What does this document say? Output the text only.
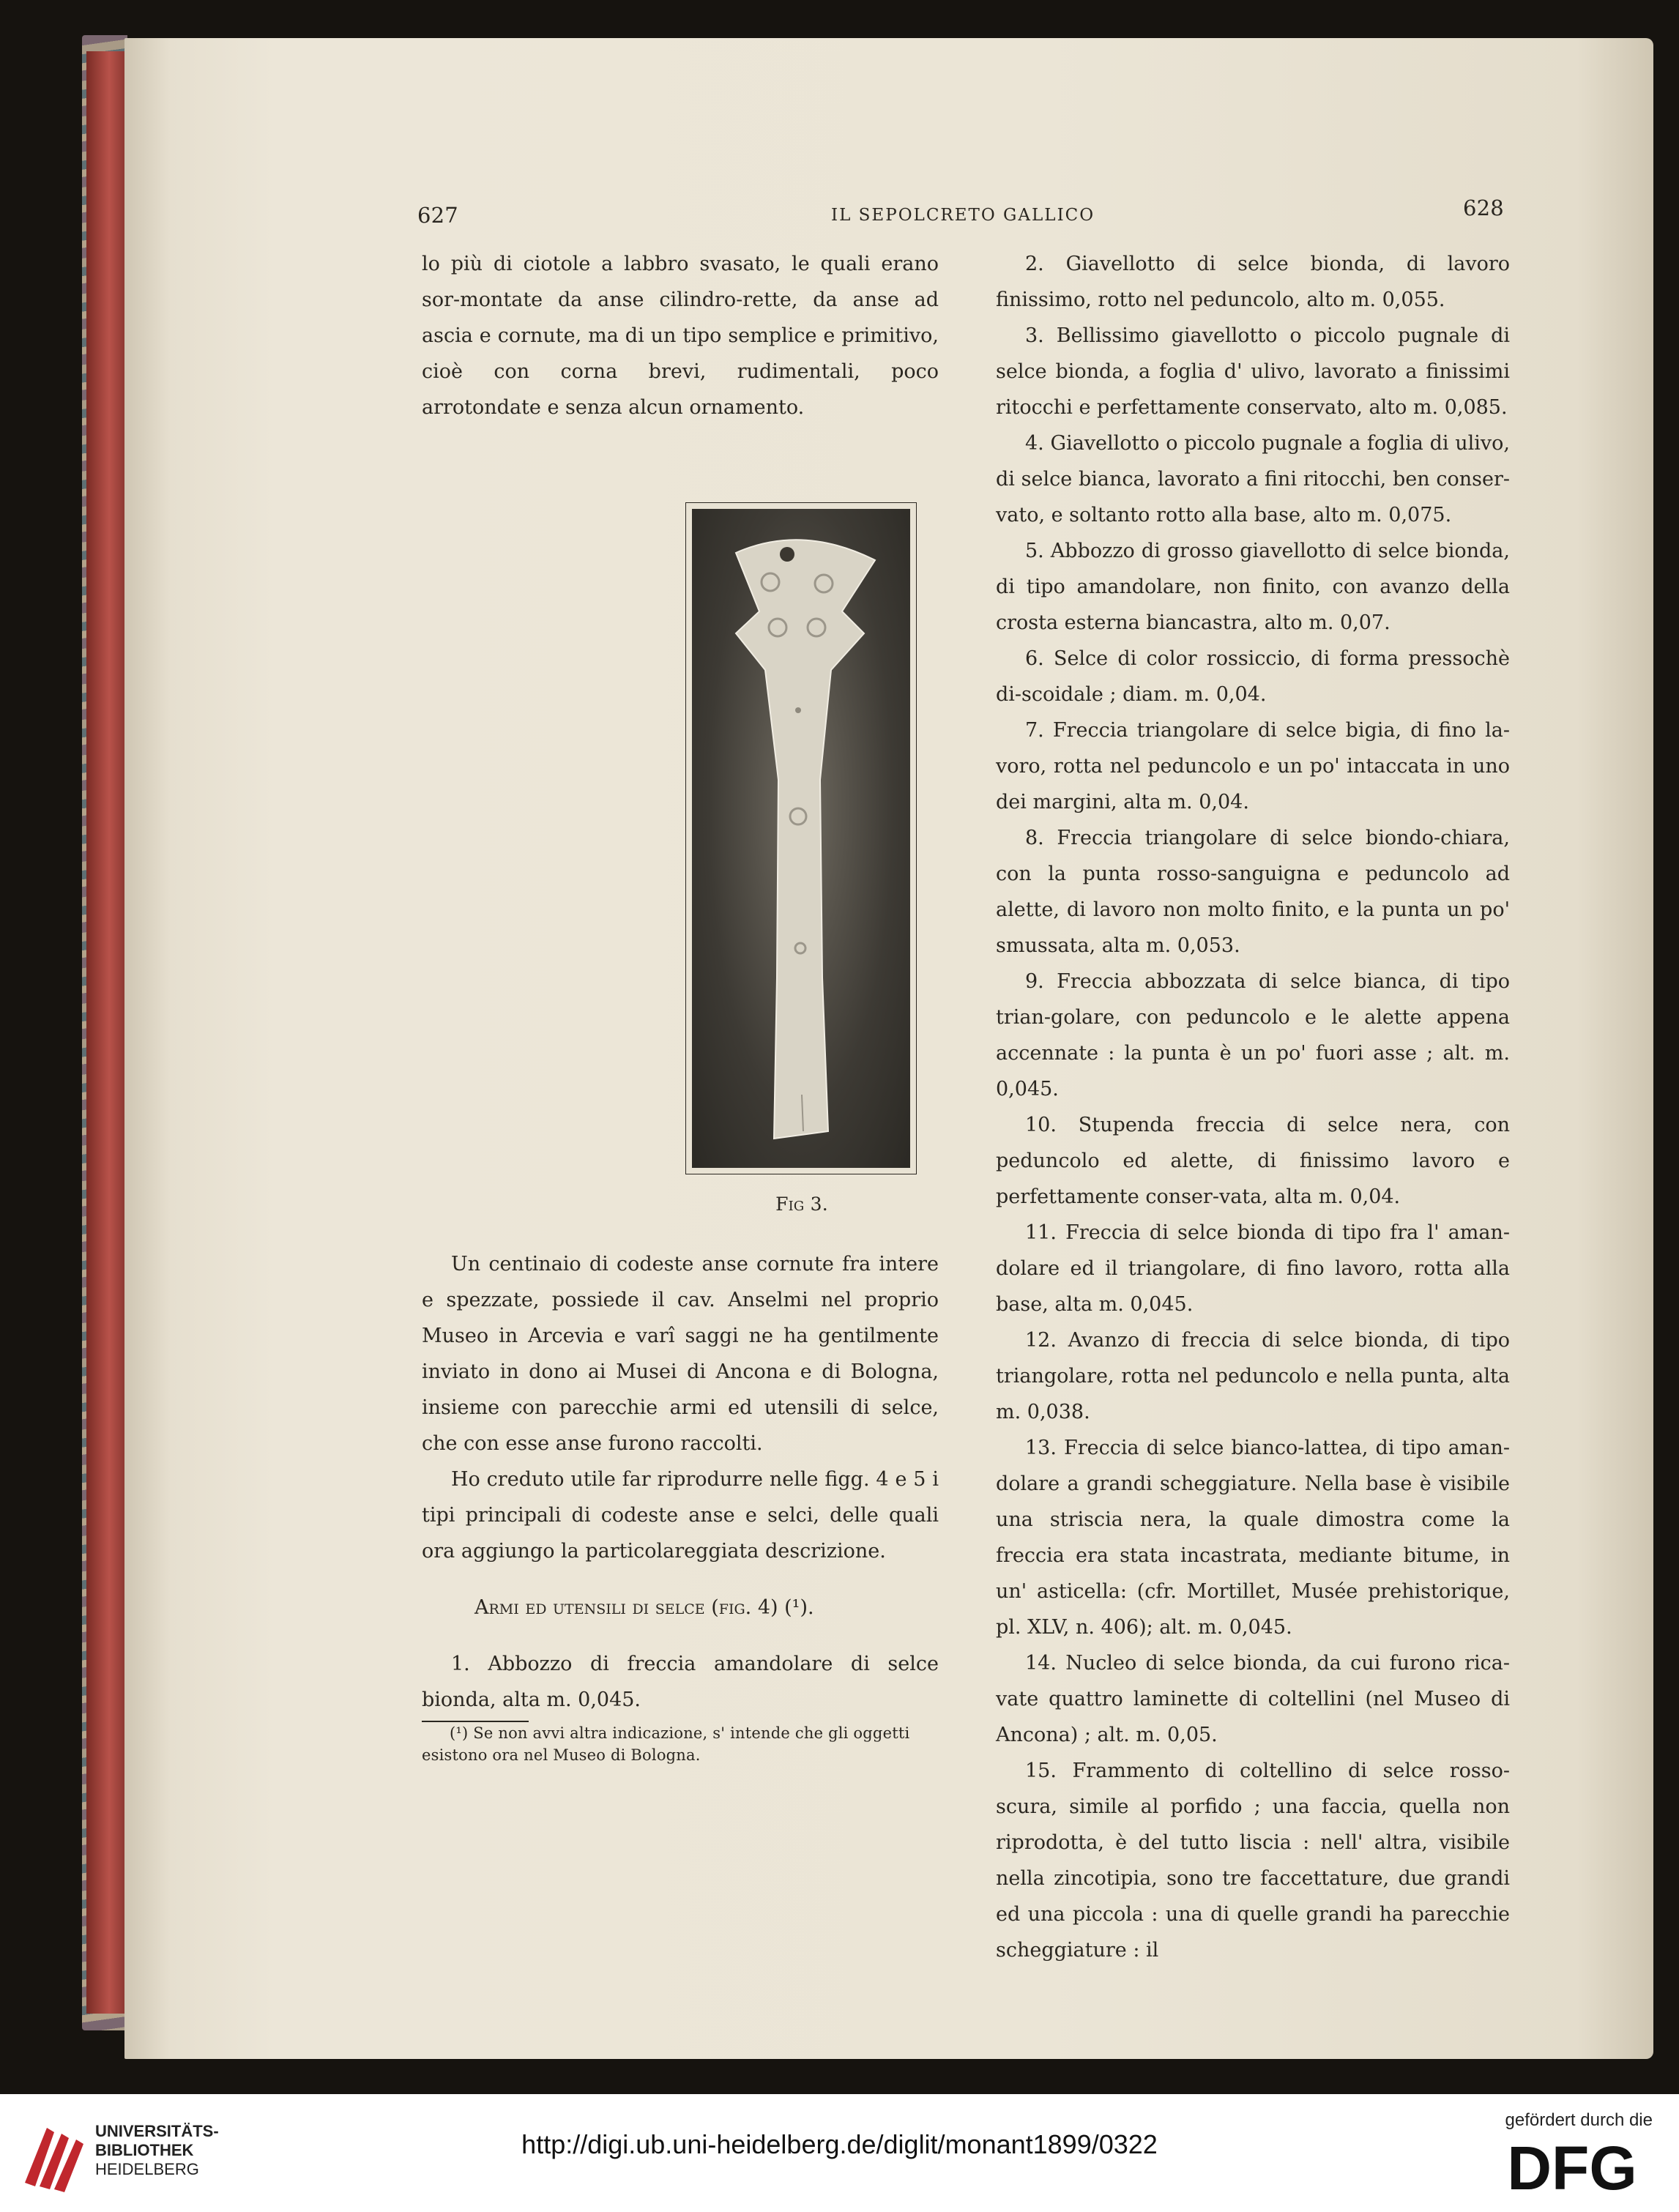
627	IL SEPOLCRETO GALLICO	628

lo più di ciotole a labbro svasato, le quali erano sor-montate da anse cilindro-rette, da anse ad ascia e cornute, ma di un tipo semplice e primitivo, cioè con corna brevi, rudimentali, poco arrotondate e senza alcun ornamento.

Fig 3.

Un centinaio di codeste anse cornute fra intere e spezzate, possiede il cav. Anselmi nel proprio Museo in Arcevia e varî saggi ne ha gentilmente inviato in dono ai Musei di Ancona e di Bologna, insieme con parecchie armi ed utensili di selce, che con esse anse furono raccolti.

Ho creduto utile far riprodurre nelle figg. 4 e 5 i tipi principali di codeste anse e selci, delle quali ora aggiungo la particolareggiata descrizione.

Armi ed utensili di selce (fig. 4) (¹).

1. Abbozzo di freccia amandolare di selce bionda, alta m. 0,045.

(¹) Se non avvi altra indicazione, s' intende che gli oggetti esistono ora nel Museo di Bologna.

2. Giavellotto di selce bionda, di lavoro finissimo, rotto nel peduncolo, alto m. 0,055.

3. Bellissimo giavellotto o piccolo pugnale di selce bionda, a foglia d' ulivo, lavorato a finissimi ritocchi e perfettamente conservato, alto m. 0,085.

4. Giavellotto o piccolo pugnale a foglia di ulivo, di selce bianca, lavorato a fini ritocchi, ben conser-vato, e soltanto rotto alla base, alto m. 0,075.

5. Abbozzo di grosso giavellotto di selce bionda, di tipo amandolare, non finito, con avanzo della crosta esterna biancastra, alto m. 0,07.

6. Selce di color rossiccio, di forma pressochè di-scoidale ; diam. m. 0,04.

7. Freccia triangolare di selce bigia, di fino la-voro, rotta nel peduncolo e un po' intaccata in uno dei margini, alta m. 0,04.

8. Freccia triangolare di selce biondo-chiara, con la punta rosso-sanguigna e peduncolo ad alette, di lavoro non molto finito, e la punta un po' smussata, alta m. 0,053.

9. Freccia abbozzata di selce bianca, di tipo trian-golare, con peduncolo e le alette appena accennate : la punta è un po' fuori asse ; alt. m. 0,045.

10. Stupenda freccia di selce nera, con peduncolo ed alette, di finissimo lavoro e perfettamente conser-vata, alta m. 0,04.

11. Freccia di selce bionda di tipo fra l' aman-dolare ed il triangolare, di fino lavoro, rotta alla base, alta m. 0,045.

12. Avanzo di freccia di selce bionda, di tipo triangolare, rotta nel peduncolo e nella punta, alta m. 0,038.

13. Freccia di selce bianco-lattea, di tipo aman-dolare a grandi scheggiature. Nella base è visibile una striscia nera, la quale dimostra come la freccia era stata incastrata, mediante bitume, in un' asticella: (cfr. Mortillet, Musée prehistorique, pl. XLV, n. 406); alt. m. 0,045.

14. Nucleo di selce bionda, da cui furono rica-vate quattro laminette di coltellini (nel Museo di Ancona) ; alt. m. 0,05.

15. Frammento di coltellino di selce rosso-scura, simile al porfido ; una faccia, quella non riprodotta, è del tutto liscia : nell' altra, visibile nella zincotipia, sono tre faccettature, due grandi ed una piccola : una di quelle grandi ha parecchie scheggiature : il

UNIVERSITÄTS-
BIBLIOTHEK
HEIDELBERG
http://digi.ub.uni-heidelberg.de/diglit/monant1899/0322
gefördert durch die
DFG
